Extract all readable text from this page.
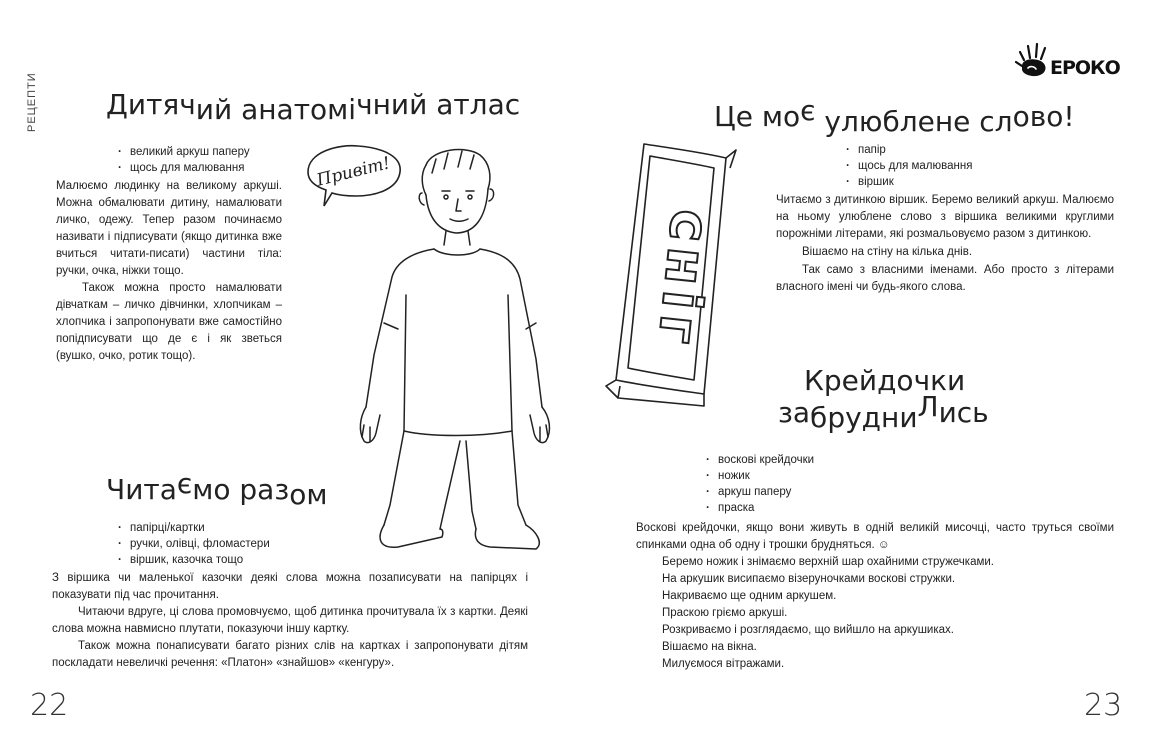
РЕЦЕПТИ Дитячий анатомічний атлас
· великий аркуш паперу
· щось для малювання

Малюємо людинку на великому аркуші. Можна обмалювати дитину, намалювати личко, одежу. Тепер разом починаємо називати і підписувати (якщо дитинка вже вчиться читати-писати) частини тіла: ручки, очка, ніжки тощо.

Також можна просто намалювати дівчаткам – личко дівчинки, хлопчикам – хлопчика і запропонувати вже самостійно попідписувати що де є і як зветься (вушко, очко, ротик тощо).

Привіт!
Читаємо разом
· папірці/картки
· ручки, олівці, фломастери
· віршик, казочка тощо

З віршика чи маленької казочки деякі слова можна позаписувати на папірцях і показувати під час прочитання.

Читаючи вдруге, ці слова промовчуємо, щоб дитинка прочитувала їх з картки. Деякі слова можна навмисно плутати, показуючи іншу картку.

Також можна понаписувати багато різних слів на картках і запропонувати дітям поскладати невеличкі речення: «Платон» «знайшов» «кенгуру».

22
ЕРОКО
Це моє улюблене слово!
сніг
· папір
· щось для малювання
· віршик

Читаємо з дитинкою віршик. Беремо великий аркуш. Малюємо на ньому улюблене слово з віршика великими круглими порожніми літерами, які розмальовуємо разом з дитинкою.

Вішаємо на стіну на кілька днів.

Так само з власними іменами. Або просто з літерами власного імені чи будь-якого слова.

Крейдочки
забрудниЛись
· воскові крейдочки
· ножик
· аркуш паперу
· праска

Воскові крейдочки, якщо вони живуть в одній великій мисочці, часто труться своїми спинками одна об одну і трошки брудняться. ☺

Беремо ножик і знімаємо верхній шар охайними стружечками.
На аркушик висипаємо візеруночками воскові стружки.
Накриваємо ще одним аркушем.
Праскою гріємо аркуші.
Розкриваємо і розглядаємо, що вийшло на аркушиках.
Вішаємо на вікна.
Милуємося вітражами.
23
